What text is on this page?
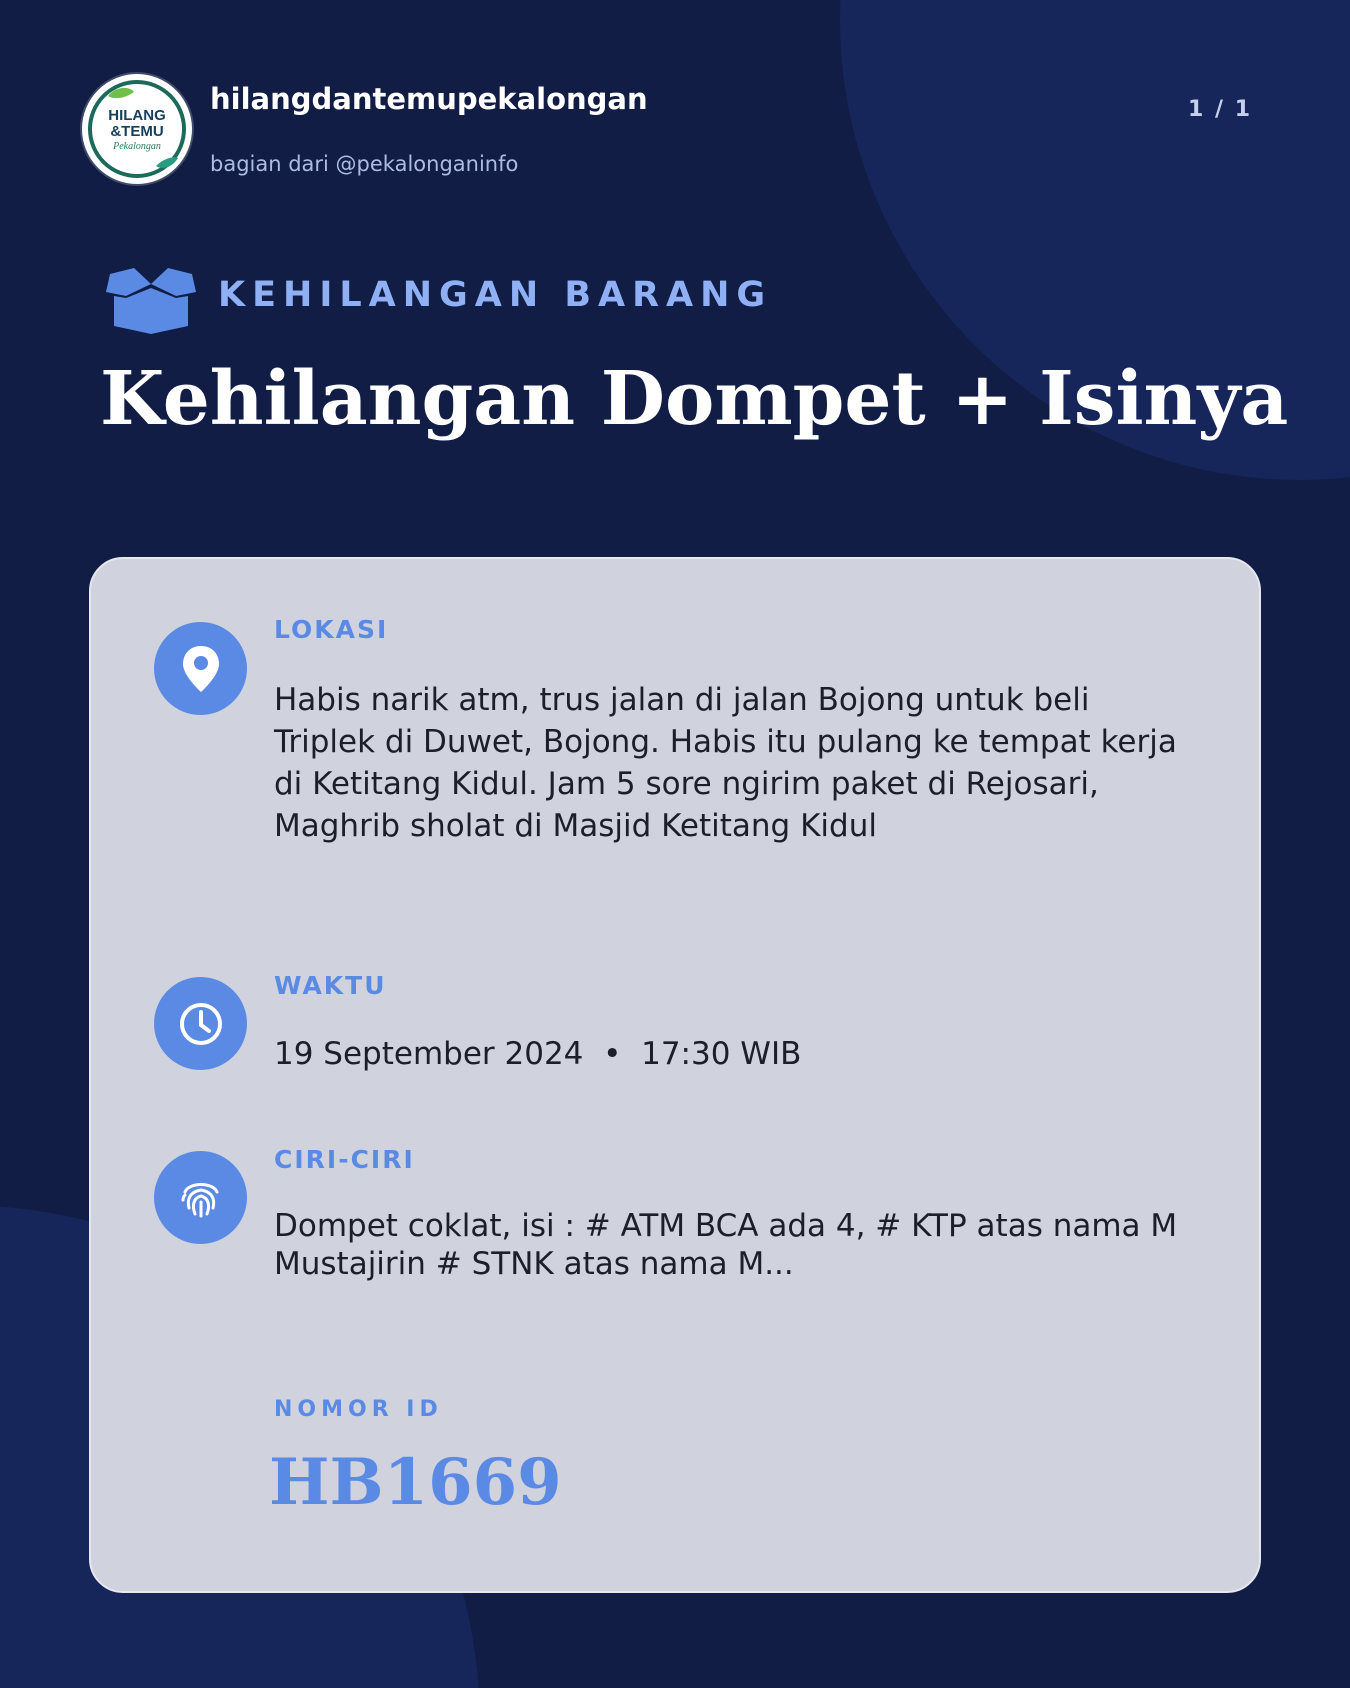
HILANG
&TEMU
Pekalongan
hilangdantemupekalongan
bagian dari @pekalonganinfo
1 / 1
KEHILANGAN BARANG
Kehilangan Dompet + Isinya
LOKASI
Habis narik atm, trus jalan di jalan Bojong untuk beli Triplek di Duwet, Bojong. Habis itu pulang ke tempat kerja di Ketitang Kidul. Jam 5 sore ngirim paket di Rejosari, Maghrib sholat di Masjid Ketitang Kidul
WAKTU
19 September 2024  •  17:30 WIB
CIRI-CIRI
Dompet coklat, isi : # ATM BCA ada 4, # KTP atas nama M Mustajirin # STNK atas nama M...
NOMOR ID
HB1669
